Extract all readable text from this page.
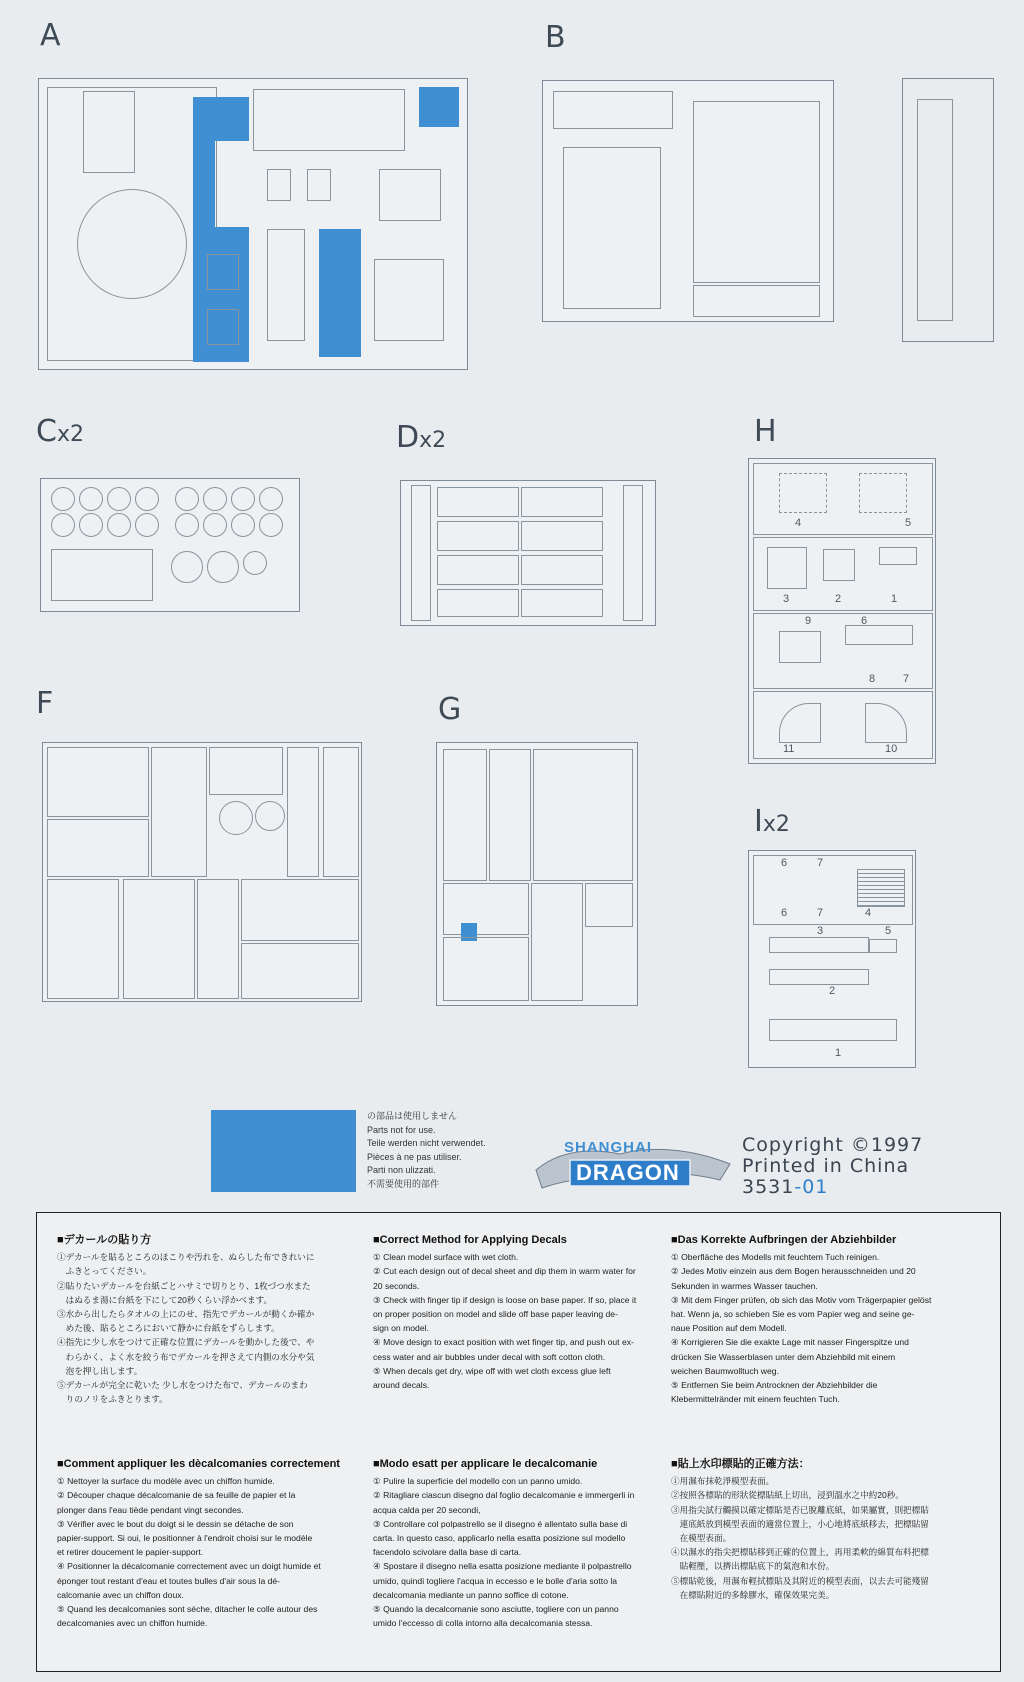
A	B
Cx2	Dx2	H
4	5
3	2	1
9	6
8	7
11	10
F	G
Ix2
6	7
6	7	4
3	5
2
1
の部品は使用しません
Parts not for use.
Teile werden nicht verwendet.
Pièces à ne pas utiliser.
Parti non ulizzati.
不需要使用的部件
SHANGHAI
DRAGON
Copyright ©1997
Printed in China
3531-01
■デカールの貼り方

①デカールを貼るところのほこりや汚れを、ぬらした布できれいに

　ふきとってください。

②貼りたいデカールを台紙ごとハサミで切りとり、1枚づつ水また

　はぬるま湯に台紙を下にして20秒くらい浮かべます。

③水から出したらタオルの上にのせ、指先でデカールが動くか確か

　めた後、貼るところにおいて静かに台紙をずらします。

④指先に少し水をつけて正確な位置にデカールを動かした後で、や

　わらかく、よく水を絞う布でデカールを押さえて内側の水分や気

　泡を押し出します。

⑤デカールが完全に乾いた 少し水をつけた布で、デカールのまわ

　りのノリをふきとります。

■Correct Method for Applying Decals

① Clean model surface with wet cloth.

② Cut each design out of decal sheet and dip them in warm water for

20 seconds.

③ Check with finger tip if design is loose on base paper. If so, place it

on proper position on model and slide off base paper leaving de-

sign on model.

④ Move design to exact position with wet finger tip, and push out ex-

cess water and air bubbles under decal with soft cotton cloth.

⑤ When decals get dry, wipe off with wet cloth excess glue left

around decals.

■Das Korrekte Aufbringen der Abziehbilder

① Oberfläche des Modells mit feuchtem Tuch reinigen.

② Jedes Motiv einzein aus dem Bogen herausschneiden und 20

Sekunden in warmes Wasser tauchen.

③ Mit dem Finger prüfen, ob sich das Motiv vom Trägerpapier gelöst

hat. Wenn ja, so schieben Sie es vom Papier weg and seine ge-

naue Position auf dem Modell.

④ Korrigieren Sie die exakte Lage mit nasser Fingerspitze und

drücken Sie Wasserblasen unter dem Abziehbild mit einem

weichen Baumwolltuch weg.

⑤ Entfernen Sie beim Antrocknen der Abziehbilder die

Klebermittelränder mit einem feuchten Tuch.

■Comment appliquer les dècalcomanies correctement

① Nettoyer la surface du modèle avec un chiffon humide.

② Découper chaque décalcomanie de sa feuille de papier et la

plonger dans l'eau tiède pendant vingt secondes.

③ Vérifier avec le bout du doigt si le dessin se détache de son

papier-support. Si oui, le positionner à l'endroit choisi sur le modèle

et retirer doucement le papier-support.

④ Positionner la décalcomanie correctement avec un doigt humide et

éponger tout restant d'eau et toutes bulles d'air sous la dé-

calcomanie avec un chiffon doux.

⑤ Quand les decalcomanies sont séche, ditacher le colle autour des

decalcomanies avec un chiffon humide.

■Modo esatt per applicare le decalcomanie

① Pulire la superficie del modello con un panno umido.

② Ritagliare ciascun disegno dal foglio decalcomanie e immergerli in

acqua calda per 20 secondi,

③ Controllare col polpastrello se il disegno é allentato sulla base di

carta. In questo caso, applicarlo nella esatta posizione sul modello

facendolo scivolare dalla base di carta.

④ Spostare il disegno nella esatta posizione mediante il polpastrello

umido, quindi togliere l'acqua in eccesso e le bolle d'aria sotto la

decalcomania mediante un panno soffice di cotone.

⑤ Quando la decalcomanie sono asciutte, togliere con un panno

umido l'eccesso di colla intorno alla decalcomania stessa.

■貼上水印標貼的正確方法：

①用濕布抹乾淨模型表面。

②按照各標貼的形狀從標貼紙上切出，浸到溫水之中約20秒。

③用指尖試行觸摸以確定標貼是否已脫離底紙，如果屬實，則把標貼

　連底紙放到模型表面的適當位置上，小心地將底紙移去，把標貼留

　在模型表面。

④以濕水的指尖把標貼移到正確的位置上，再用柔軟的綿質布料把標

　貼輕壓，以擠出標貼底下的氣泡和水份。

⑤標貼乾後，用濕布輕拭標貼及其附近的模型表面，以去去可能殘留

　在標貼附近的多餘膠水，確保效果完美。
